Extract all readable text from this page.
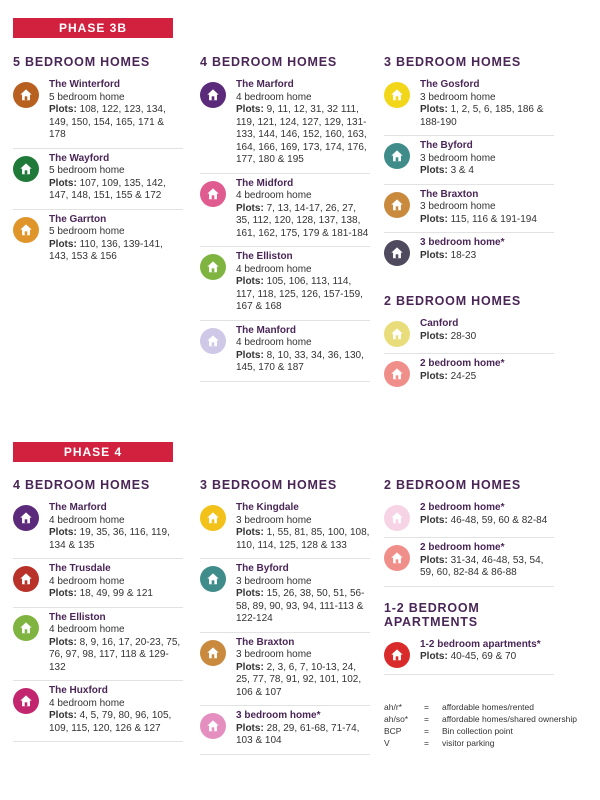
PHASE 3B
5 BEDROOM HOMES
The Winterford
5 bedroom home
Plots: 108, 122, 123, 134, 149, 150, 154, 165, 171 & 178
The Wayford
5 bedroom home
Plots: 107, 109, 135, 142, 147, 148, 151, 155 & 172
The Garrton
5 bedroom home
Plots: 110, 136, 139-141, 143, 153 & 156
4 BEDROOM HOMES
The Marford
4 bedroom home
Plots: 9, 11, 12, 31, 32 111, 119, 121, 124, 127, 129, 131-133, 144, 146, 152, 160, 163, 164, 166, 169, 173, 174, 176, 177, 180 & 195
The Midford
4 bedroom home
Plots: 7, 13, 14-17, 26, 27, 35, 112, 120, 128, 137, 138, 161, 162, 175, 179 & 181-184
The Elliston
4 bedroom home
Plots: 105, 106, 113, 114, 117, 118, 125, 126, 157-159, 167 & 168
The Manford
4 bedroom home
Plots: 8, 10, 33, 34, 36, 130, 145, 170 & 187
3 BEDROOM HOMES
The Gosford
3 bedroom home
Plots: 1, 2, 5, 6, 185, 186 & 188-190
The Byford
3 bedroom home
Plots: 3 & 4
The Braxton
3 bedroom home
Plots: 115, 116 & 191-194
3 bedroom home*
Plots: 18-23
2 BEDROOM HOMES
Canford
Plots: 28-30
2 bedroom home*
Plots: 24-25
PHASE 4
4 BEDROOM HOMES
The Marford
4 bedroom home
Plots: 19, 35, 36, 116, 119, 134 & 135
The Trusdale
4 bedroom home
Plots: 18, 49, 99 & 121
The Elliston
4 bedroom home
Plots: 8, 9, 16, 17, 20-23, 75, 76, 97, 98, 117, 118 & 129-132
The Huxford
4 bedroom home
Plots: 4, 5, 79, 80, 96, 105, 109, 115, 120, 126 & 127
3 BEDROOM HOMES
The Kingdale
3 bedroom home
Plots: 1, 55, 81, 85, 100, 108, 110, 114, 125, 128 & 133
The Byford
3 bedroom home
Plots: 15, 26, 38, 50, 51, 56-58, 89, 90, 93, 94, 111-113 & 122-124
The Braxton
3 bedroom home
Plots: 2, 3, 6, 7, 10-13, 24, 25, 77, 78, 91, 92, 101, 102, 106 & 107
3 bedroom home*
Plots: 28, 29, 61-68, 71-74, 103 & 104
2 BEDROOM HOMES
2 bedroom home*
Plots: 46-48, 59, 60 & 82-84
2 bedroom home*
Plots: 31-34, 46-48, 53, 54, 59, 60, 82-84 & 86-88
1-2 BEDROOM APARTMENTS
1-2 bedroom apartments*
Plots: 40-45, 69 & 70
ah/r*	=	affordable homes/rented
ah/so*	=	affordable homes/shared ownership
BCP	=	Bin collection point
V	=	visitor parking
